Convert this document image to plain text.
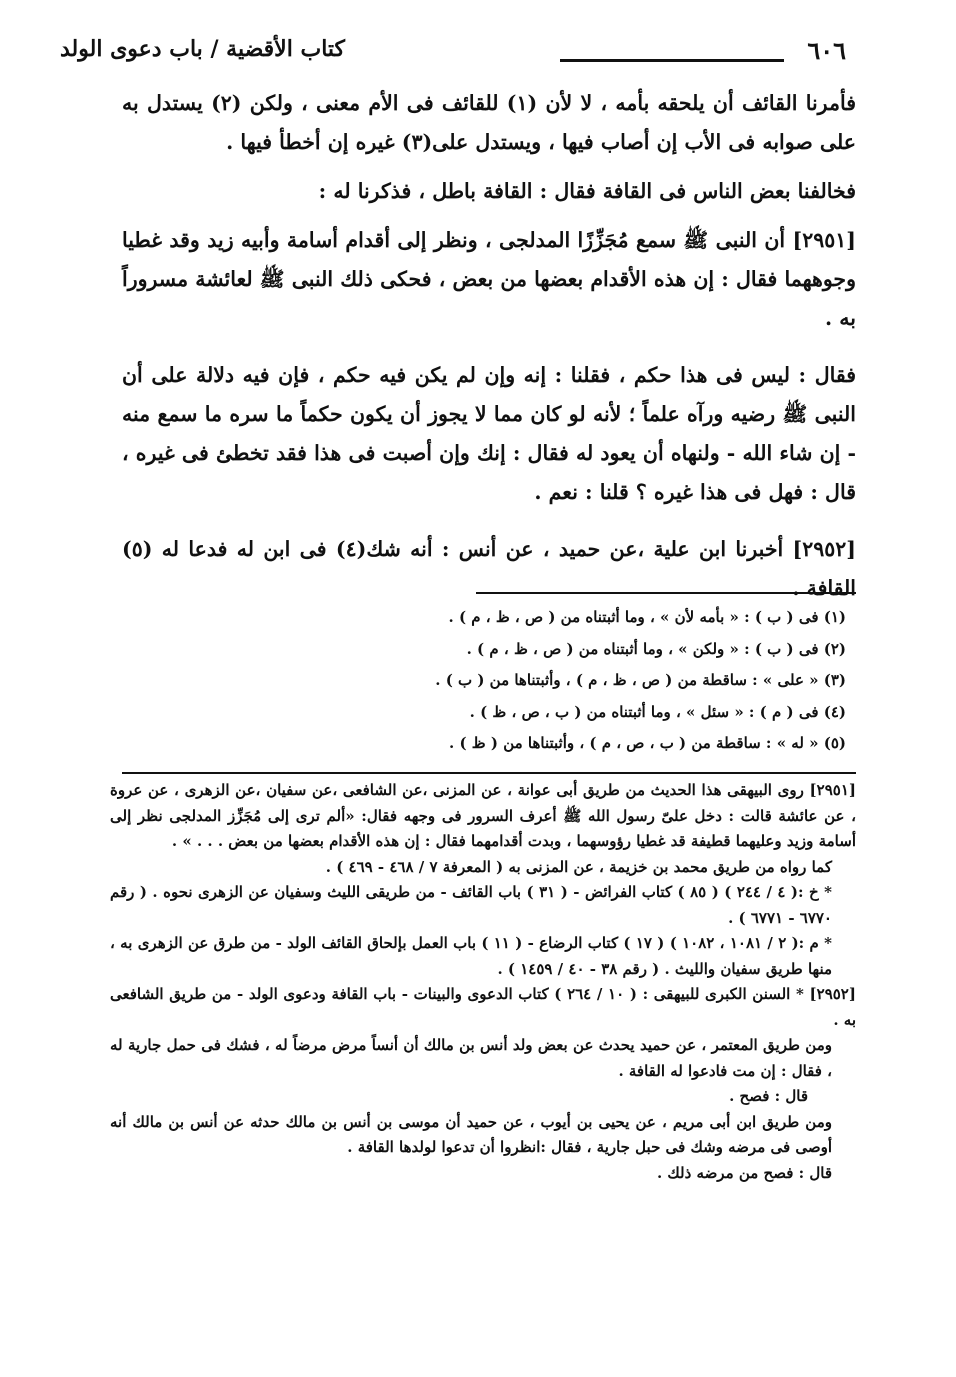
٦٠٦
كتاب الأقضية / باب دعوى الولد

فأمرنا القائف أن يلحقه بأمه ، لا لأن (١) للقائف فى الأم معنى ، ولكن (٢) يستدل به على صوابه فى الأب إن أصاب فيها ، ويستدل على(٣) غيره إن أخطأ فيها .

فخالفنا بعض الناس فى القافة فقال : القافة باطل ، فذكرنا له :

[٢٩٥١] أن النبى ﷺ سمع مُجَزِّزًا المدلجى ، ونظر إلى أقدام أسامة وأبيه زيد وقد غطيا وجوههما فقال : إن هذه الأقدام بعضها من بعض ، فحكى ذلك النبى ﷺ لعائشة مسروراً به .

فقال : ليس فى هذا حكم ، فقلنا : إنه وإن لم يكن فيه حكم ، فإن فيه دلالة على أن النبى ﷺ رضيه ورآه علماً ؛ لأنه لو كان مما لا يجوز أن يكون حكماً ما سره ما سمع منه - إن شاء الله - ولنهاه أن يعود له فقال : إنك وإن أصبت فى هذا فقد تخطئ فى غيره ، قال : فهل فى هذا غيره ؟ قلنا : نعم .

[٢٩٥٢] أخبرنا ابن علية ،عن حميد ، عن أنس : أنه شك(٤) فى ابن له فدعا له (٥) القافة .

(١) فى ( ب ) : « بأمه لأن » ، وما أثبتناه من ( ص ، ظ ، م ) .
(٢) فى ( ب ) : « ولكن » ، وما أثبتناه من ( ص ، ظ ، م ) .
(٣) « على » : ساقطة من ( ص ، ظ ، م ) ، وأثبتناها من ( ب ) .
(٤) فى ( م ) : « سئل » ، وما أثبتناه من ( ب ، ص ، ظ ) .
(٥) « له » : ساقطة من ( ب ، ص ، م ) ، وأثبتناها من ( ظ ) .

[٢٩٥١] روى البيهقى هذا الحديث من طريق أبى عوانة ، عن المزنى ،عن الشافعى ،عن سفيان ،عن الزهرى ، عن عروة ، عن عائشة قالت : دخل علىّ رسول الله ﷺ أعرف السرور فى وجهه فقال: «ألم ترى إلى مُجَزِّز المدلجى نظر إلى أسامة وزيد وعليهما قطيفة قد غطيا رؤوسهما ، وبدت أقدامهما فقال : إن هذه الأقدام بعضها من بعض . . . » .

كما رواه من طريق محمد بن خزيمة ، عن المزنى به ( المعرفة ٧ / ٤٦٨ - ٤٦٩ ) .

* خ :( ٤ / ٢٤٤ ) ( ٨٥ ) كتاب الفرائض - ( ٣١ ) باب القائف - من طريقى الليث وسفيان عن الزهرى نحوه . ( رقم ٦٧٧٠ - ٦٧٧١ ) .

* م :( ٢ / ١٠٨١ ، ١٠٨٢ ) ( ١٧ ) كتاب الرضاع - ( ١١ ) باب العمل بإلحاق القائف الولد - من طرق عن الزهرى به ، منها طريق سفيان والليث . ( رقم ٣٨ - ٤٠ / ١٤٥٩ ) .

[٢٩٥٢] * السنن الكبرى للبيهقى : ( ١٠ / ٢٦٤ ) كتاب الدعوى والبينات - باب القافة ودعوى الولد - من طريق الشافعى به .

ومن طريق المعتمر ، عن حميد يحدث عن بعض ولد أنس بن مالك أن أنساً مرض مرضاً له ، فشك فى حمل جارية له ، فقال : إن مت فادعوا له القافة .

قال : فصح .

ومن طريق ابن أبى مريم ، عن يحيى بن أيوب ، عن حميد أن موسى بن أنس بن مالك حدثه عن أنس بن مالك أنه أوصى فى مرضه وشك فى حبل جارية ، فقال :انظروا أن تدعوا لولدها القافة .

قال : فصح من مرضه ذلك .
